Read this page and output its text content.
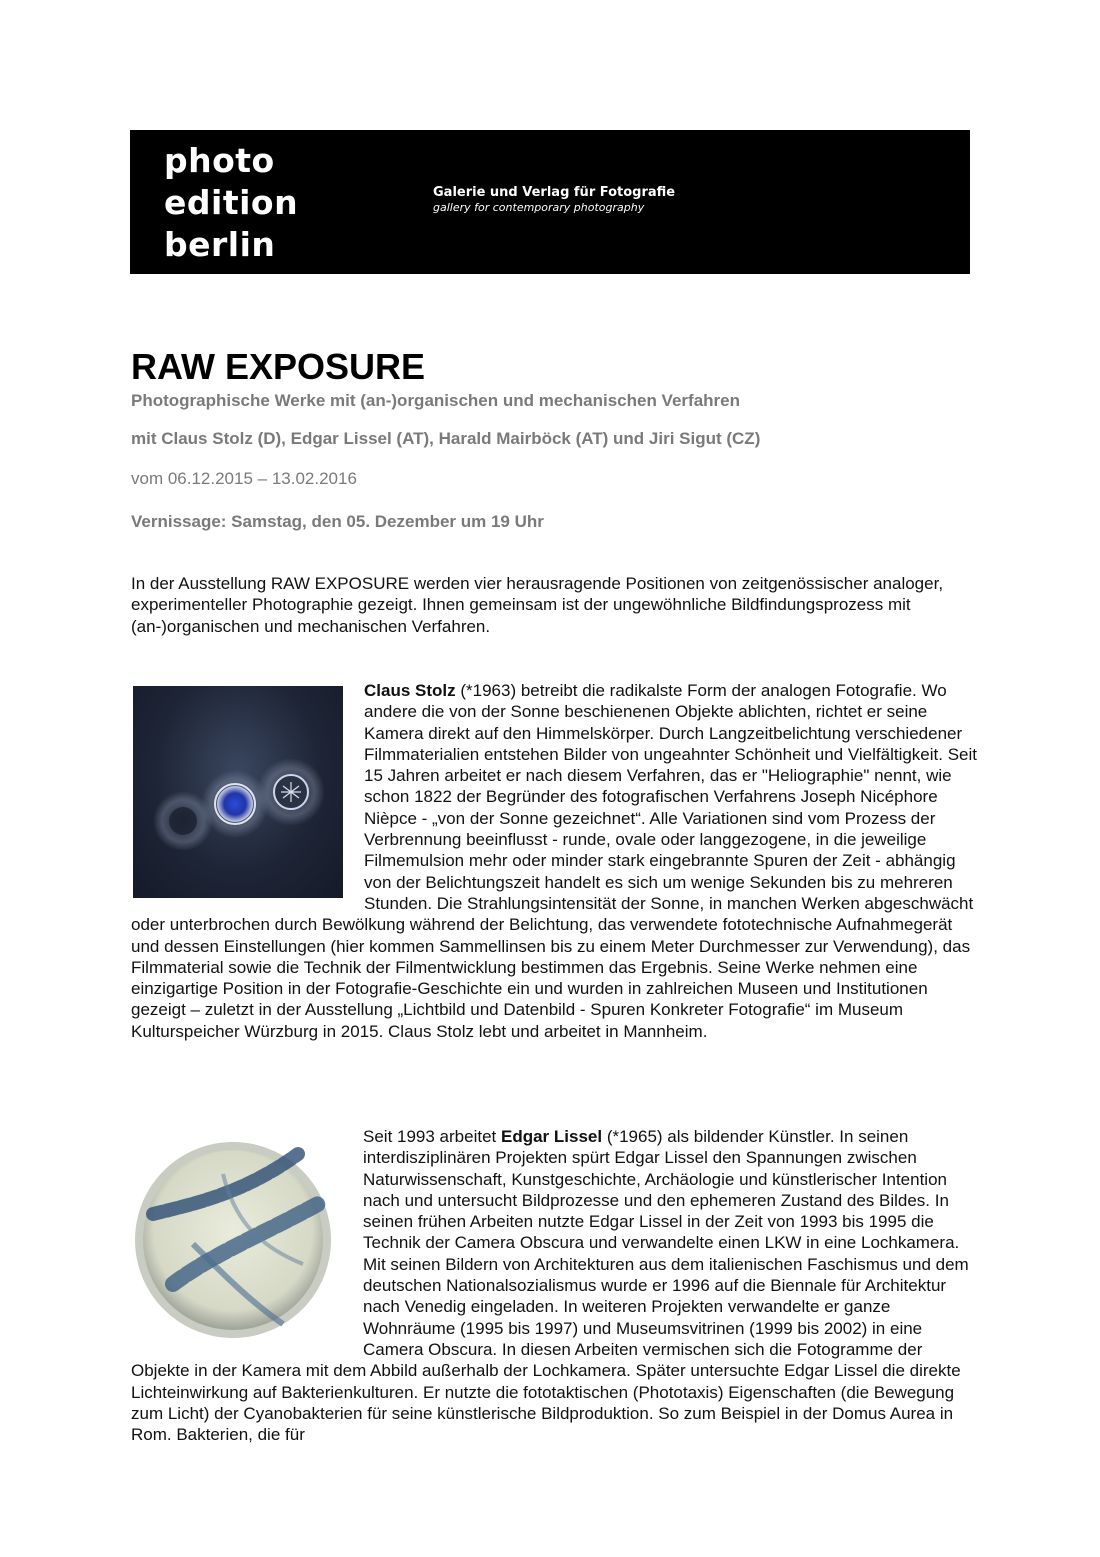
photo
edition
berlin
Galerie und Verlag für Fotografie
gallery for contemporary photography
RAW EXPOSURE

Photographische Werke mit (an-)organischen und mechanischen Verfahren

mit Claus Stolz (D), Edgar Lissel (AT), Harald Mairböck (AT) und Jiri Sigut (CZ)

vom 06.12.2015 – 13.02.2016

Vernissage: Samstag, den 05. Dezember um 19 Uhr

In der Ausstellung RAW EXPOSURE werden vier herausragende Positionen von zeitgenössischer analoger, experimenteller Photographie gezeigt. Ihnen gemeinsam ist der ungewöhnliche Bildfindungsprozess mit (an-)organischen und mechanischen Verfahren.

Claus Stolz (*1963) betreibt die radikalste Form der analogen Fotografie. Wo andere die von der Sonne beschienenen Objekte ablichten, richtet er seine Kamera direkt auf den Himmelskörper. Durch Langzeitbelichtung verschiedener Filmmaterialien entstehen Bilder von ungeahnter Schönheit und Vielfältigkeit. Seit 15 Jahren arbeitet er nach diesem Verfahren, das er "Heliographie" nennt, wie schon 1822 der Begründer des fotografischen Verfahrens Joseph Nicéphore Nièpce - „von der Sonne gezeichnet“. Alle Variationen sind vom Prozess der Verbrennung beeinflusst - runde, ovale oder langgezogene, in die jeweilige Filmemulsion mehr oder minder stark eingebrannte Spuren der Zeit - abhängig von der Belichtungszeit handelt es sich um wenige Sekunden bis zu mehreren Stunden. Die Strahlungsintensität der Sonne, in manchen Werken abgeschwächt oder unterbrochen durch Bewölkung während der Belichtung, das verwendete fototechnische Aufnahmegerät und dessen Einstellungen (hier kommen Sammellinsen bis zu einem Meter Durchmesser zur Verwendung), das Filmmaterial sowie die Technik der Filmentwicklung bestimmen das Ergebnis. Seine Werke nehmen eine einzigartige Position in der Fotografie-Geschichte ein und wurden in zahlreichen Museen und Institutionen gezeigt – zuletzt in der Ausstellung „Lichtbild und Datenbild - Spuren Konkreter Fotografie“ im Museum Kulturspeicher Würzburg in 2015. Claus Stolz lebt und arbeitet in Mannheim.
Seit 1993 arbeitet Edgar Lissel (*1965) als bildender Künstler. In seinen interdisziplinären Projekten spürt Edgar Lissel den Spannungen zwischen Naturwissenschaft, Kunstgeschichte, Archäologie und künstlerischer Intention nach und untersucht Bildprozesse und den ephemeren Zustand des Bildes. In seinen frühen Arbeiten nutzte Edgar Lissel in der Zeit von 1993 bis 1995 die Technik der Camera Obscura und verwandelte einen LKW in eine Lochkamera. Mit seinen Bildern von Architekturen aus dem italienischen Faschismus und dem deutschen Nationalsozialismus wurde er 1996 auf die Biennale für Architektur nach Venedig eingeladen. In weiteren Projekten verwandelte er ganze Wohnräume (1995 bis 1997) und Museumsvitrinen (1999 bis 2002) in eine Camera Obscura. In diesen Arbeiten vermischen sich die Fotogramme der Objekte in der Kamera mit dem Abbild außerhalb der Lochkamera. Später untersuchte Edgar Lissel die direkte Lichteinwirkung auf Bakterienkulturen. Er nutzte die fototaktischen (Phototaxis) Eigenschaften (die Bewegung zum Licht) der Cyanobakterien für seine künstlerische Bildproduktion. So zum Beispiel in der Domus Aurea in Rom. Bakterien, die für
